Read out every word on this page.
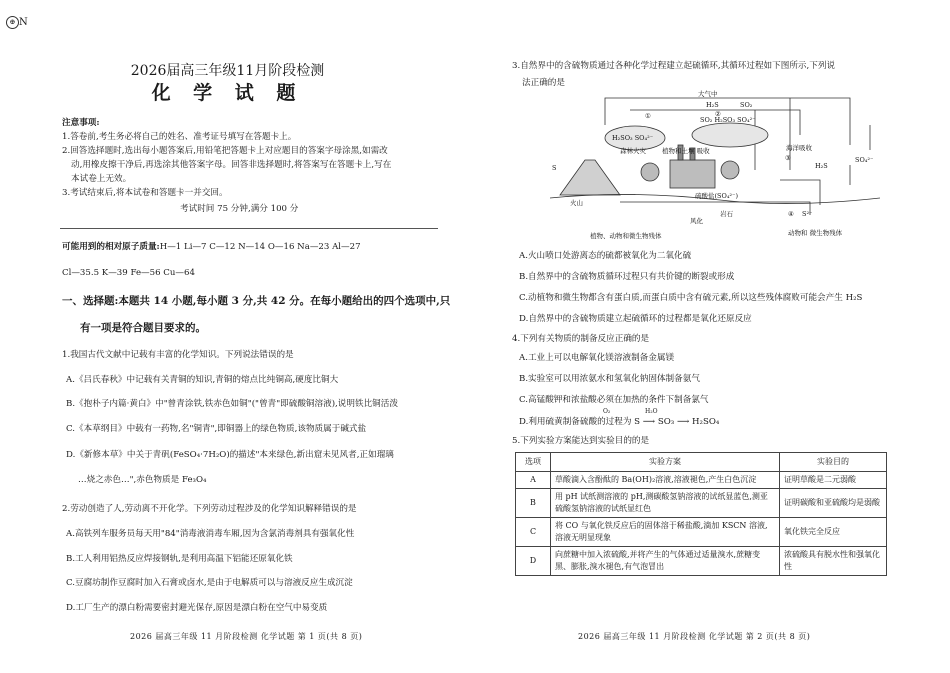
⊕ N
2026届高三年级11月阶段检测
化 学 试 题
注意事项:
1.答卷前,考生务必将自己的姓名、准考证号填写在答题卡上。
2.回答选择题时,选出每小题答案后,用铅笔把答题卡上对应题目的答案字母涂黑,如需改
动,用橡皮擦干净后,再选涂其他答案字母。回答非选择题时,将答案写在答题卡上,写在
本试卷上无效。
3.考试结束后,将本试卷和答题卡一并交回。
考试时间 75 分钟,满分 100 分
可能用到的相对原子质量:H—1 Li—7 C—12 N—14 O—16 Na—23 Al—27
Cl—35.5 K—39 Fe—56 Cu—64
一、选择题:本题共 14 小题,每小题 3 分,共 42 分。在每小题给出的四个选项中,只
有一项是符合题目要求的。
1.我国古代文献中记载有丰富的化学知识。下列说法错误的是
A.《吕氏春秋》中记载有关青铜的知识,青铜的熔点比纯铜高,硬度比铜大
B.《抱朴子内篇·黄白》中"曾青涂铁,铁赤色如铜"("曾青"即硫酸铜溶液),说明铁比铜活泼
C.《本草纲目》中载有一药物,名"铜青",即铜器上的绿色物质,该物质属于碱式盐
D.《新修本草》中关于青矾(FeSO₄·7H₂O)的描述"本来绿色,新出窟未见风者,正如瑠璃
…烧之赤色…",赤色物质是 Fe₃O₄
2.劳动创造了人,劳动离不开化学。下列劳动过程涉及的化学知识解释错误的是
A.高铁列车服务员每天用"84"消毒液消毒车厢,因为含氯消毒剂具有强氧化性
B.工人利用铝热反应焊接钢轨,是利用高温下铝能还原氧化铁
C.豆腐坊制作豆腐时加入石膏或卤水,是由于电解质可以与溶液反应生成沉淀
D.工厂生产的漂白粉需要密封避光保存,原因是漂白粉在空气中易变质
2026 届高三年级 11 月阶段检测 化学试题 第 1 页(共 8 页)
3.自然界中的含硫物质通过各种化学过程建立起硫循环,其循环过程如下图所示,下列说
法正确的是
大气中
H₂S	SO₂
SO₂ H₂SO₃ SO₄²⁻
H₂SO₃ SO₄²⁻
森林火灾 植物和土壤 吸收
H₂S
SO₄²⁻
硫酸盐(SO₄²⁻)
火山
S
岩石
风化
植物、动物和微生物残体
海洋吸收
动物和 微生物残体
S²⁻
②
①
③
④
A.火山喷口处游离态的硫都被氧化为二氧化硫
B.自然界中的含硫物质循环过程只有共价键的断裂或形成
C.动植物和微生物都含有蛋白质,而蛋白质中含有硫元素,所以这些残体腐败可能会产生 H₂S
D.自然界中的含硫物质建立起硫循环的过程都是氧化还原反应
4.下列有关物质的制备反应正确的是
A.工业上可以电解氧化镁溶液制备金属镁
B.实验室可以用浓氨水和氢氧化钠固体制备氨气
C.高锰酸钾和浓盐酸必须在加热的条件下制备氯气
O₂	H₂O
D.利用硫黄制备硫酸的过程为 S ⟶ SO₃ ⟶ H₂SO₄
5.下列实验方案能达到实验目的的是
选项	实验方案	实验目的
A	草酸滴入含酚酞的 Ba(OH)₂溶液,溶液褪色,产生白色沉淀	证明草酸是二元弱酸
B	用 pH 试纸测溶液的 pH,测碳酸氢钠溶液的试纸显蓝色,测亚硫酸氢钠溶液的试纸显红色	证明碳酸和亚硫酸均是弱酸
C	将 CO 与氧化铁反应后的固体溶于稀盐酸,滴加 KSCN 溶液,溶液无明显现象	氧化铁完全反应
D	向蔗糖中加入浓硫酸,并将产生的气体通过适量溴水,蔗糖变黑、膨胀,溴水褪色,有气泡冒出	浓硫酸具有脱水性和强氧化性
2026 届高三年级 11 月阶段检测 化学试题 第 2 页(共 8 页)
